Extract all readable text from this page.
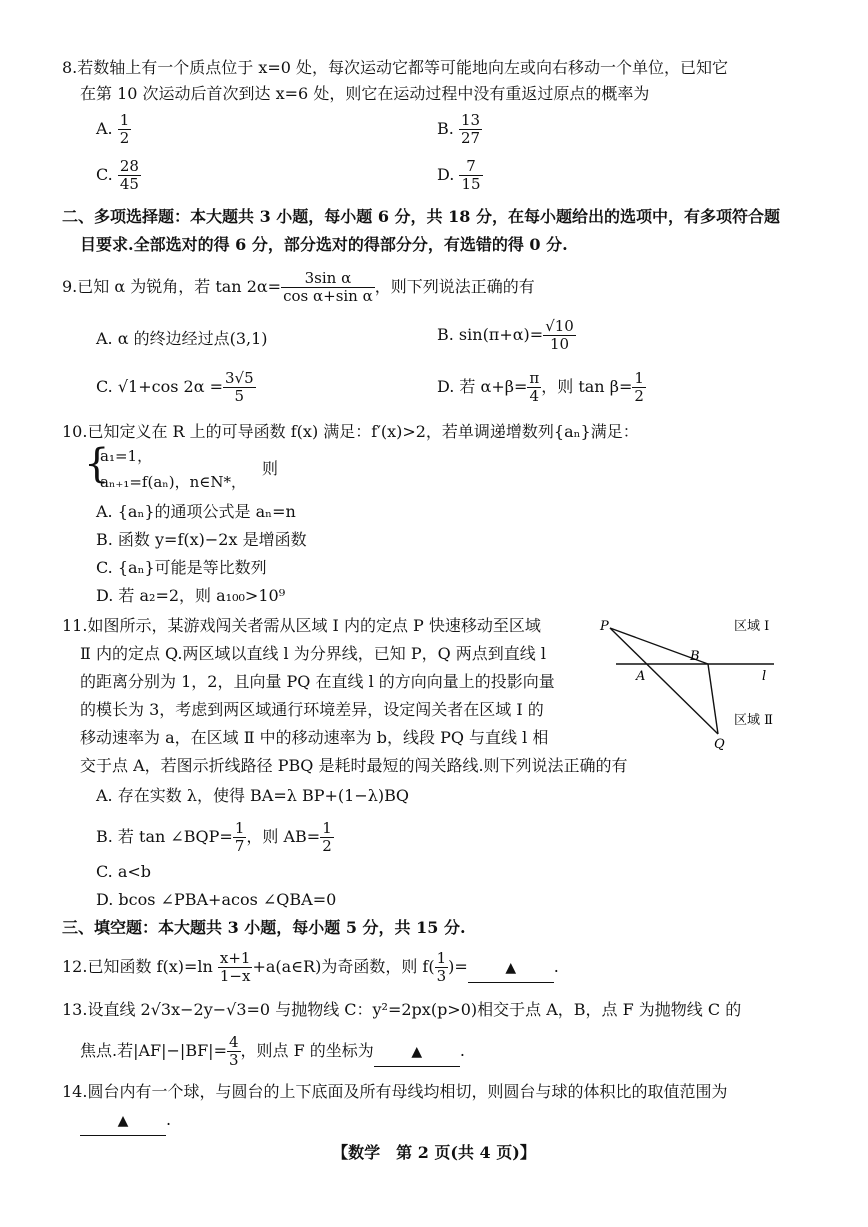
8.若数轴上有一个质点位于 x=0 处，每次运动它都等可能地向左或向右移动一个单位，已知它
在第 10 次运动后首次到达 x=6 处，则它在运动过程中没有重返过原点的概率为
A. $\frac{1}{2}$	B. $\frac{13}{27}$
C. $\frac{28}{45}$	D. $\frac{7}{15}$
二、多项选择题：本大题共 3 小题，每小题 6 分，共 18 分，在每小题给出的选项中，有多项符合题
目要求.全部选对的得 6 分，部分选对的得部分分，有选错的得 0 分.
9.已知 α 为锐角，若 $\tan 2\alpha= \frac{\text{3sin α}}{\text{cos α+sin α}}$ ，则下列说法正确的有
A. α 的终边经过点(3,1)	B. $\sin(\pi+\alpha)= \frac{√10}{10}$
C. √1+cos $2\alpha = \frac{3√5}{5}$	D. 若 $\alpha+\beta= \frac{\pi}{4}$ ，则 $\tan \beta= \frac{1}{2}$
10.已知定义在 R 上的可导函数 f(x) 满足：f′(x)>2，若单调递增数列{aₙ}满足：
{
a₁=1，
aₙ₊₁=f(aₙ)，n∈N*，
则
A. {aₙ}的通项公式是 aₙ=n
B. 函数 y=f(x)−2x 是增函数
C. {aₙ}可能是等比数列
D. 若 a₂=2，则 a₁₀₀>10⁹
11.如图所示，某游戏闯关者需从区域 Ⅰ 内的定点 P 快速移动至区域
Ⅱ 内的定点 Q.两区域以直线 l 为分界线，已知 P，Q 两点到直线 l
的距离分别为 1，2，且向量 PQ 在直线 l 的方向向量上的投影向量
的模长为 3，考虑到两区域通行环境差异，设定闯关者在区域 Ⅰ 的
移动速率为 a，在区域 Ⅱ 中的移动速率为 b，线段 PQ 与直线 l 相
交于点 A，若图示折线路径 PBQ 是耗时最短的闯关路线.则下列说法正确的有
P
B
A
Q
l
区域 Ⅰ
区域 Ⅱ
A. 存在实数 λ，使得 BA=λ BP+(1−λ)BQ
B. 若 tan ∠BQP= $\frac{1}{7}$ ，则 $AB= \frac{1}{2}$
C. a<b
D. bcos ∠PBA+acos ∠QBA=0
三、填空题：本大题共 3 小题，每小题 5 分，共 15 分.
12.已知函数 $f(x)=\ln \frac{x+1}{1-x}$ +a(a∈R)为奇函数，则 $f( \frac{1}{3}$ )=	▲ .
13.设直线 2√3x−2y−√3=0 与抛物线 C：y²=2px(p>0)相交于点 A，B，点 F 为抛物线 C 的
焦点.若$|AF|-|BF|= \frac{4}{3}$ ，则点 F 的坐标为	▲ .
14.圆台内有一个球，与圆台的上下底面及所有母线均相切，则圆台与球的体积比的取值范围为
▲ .
【数学　第 2 页(共 4 页)】
